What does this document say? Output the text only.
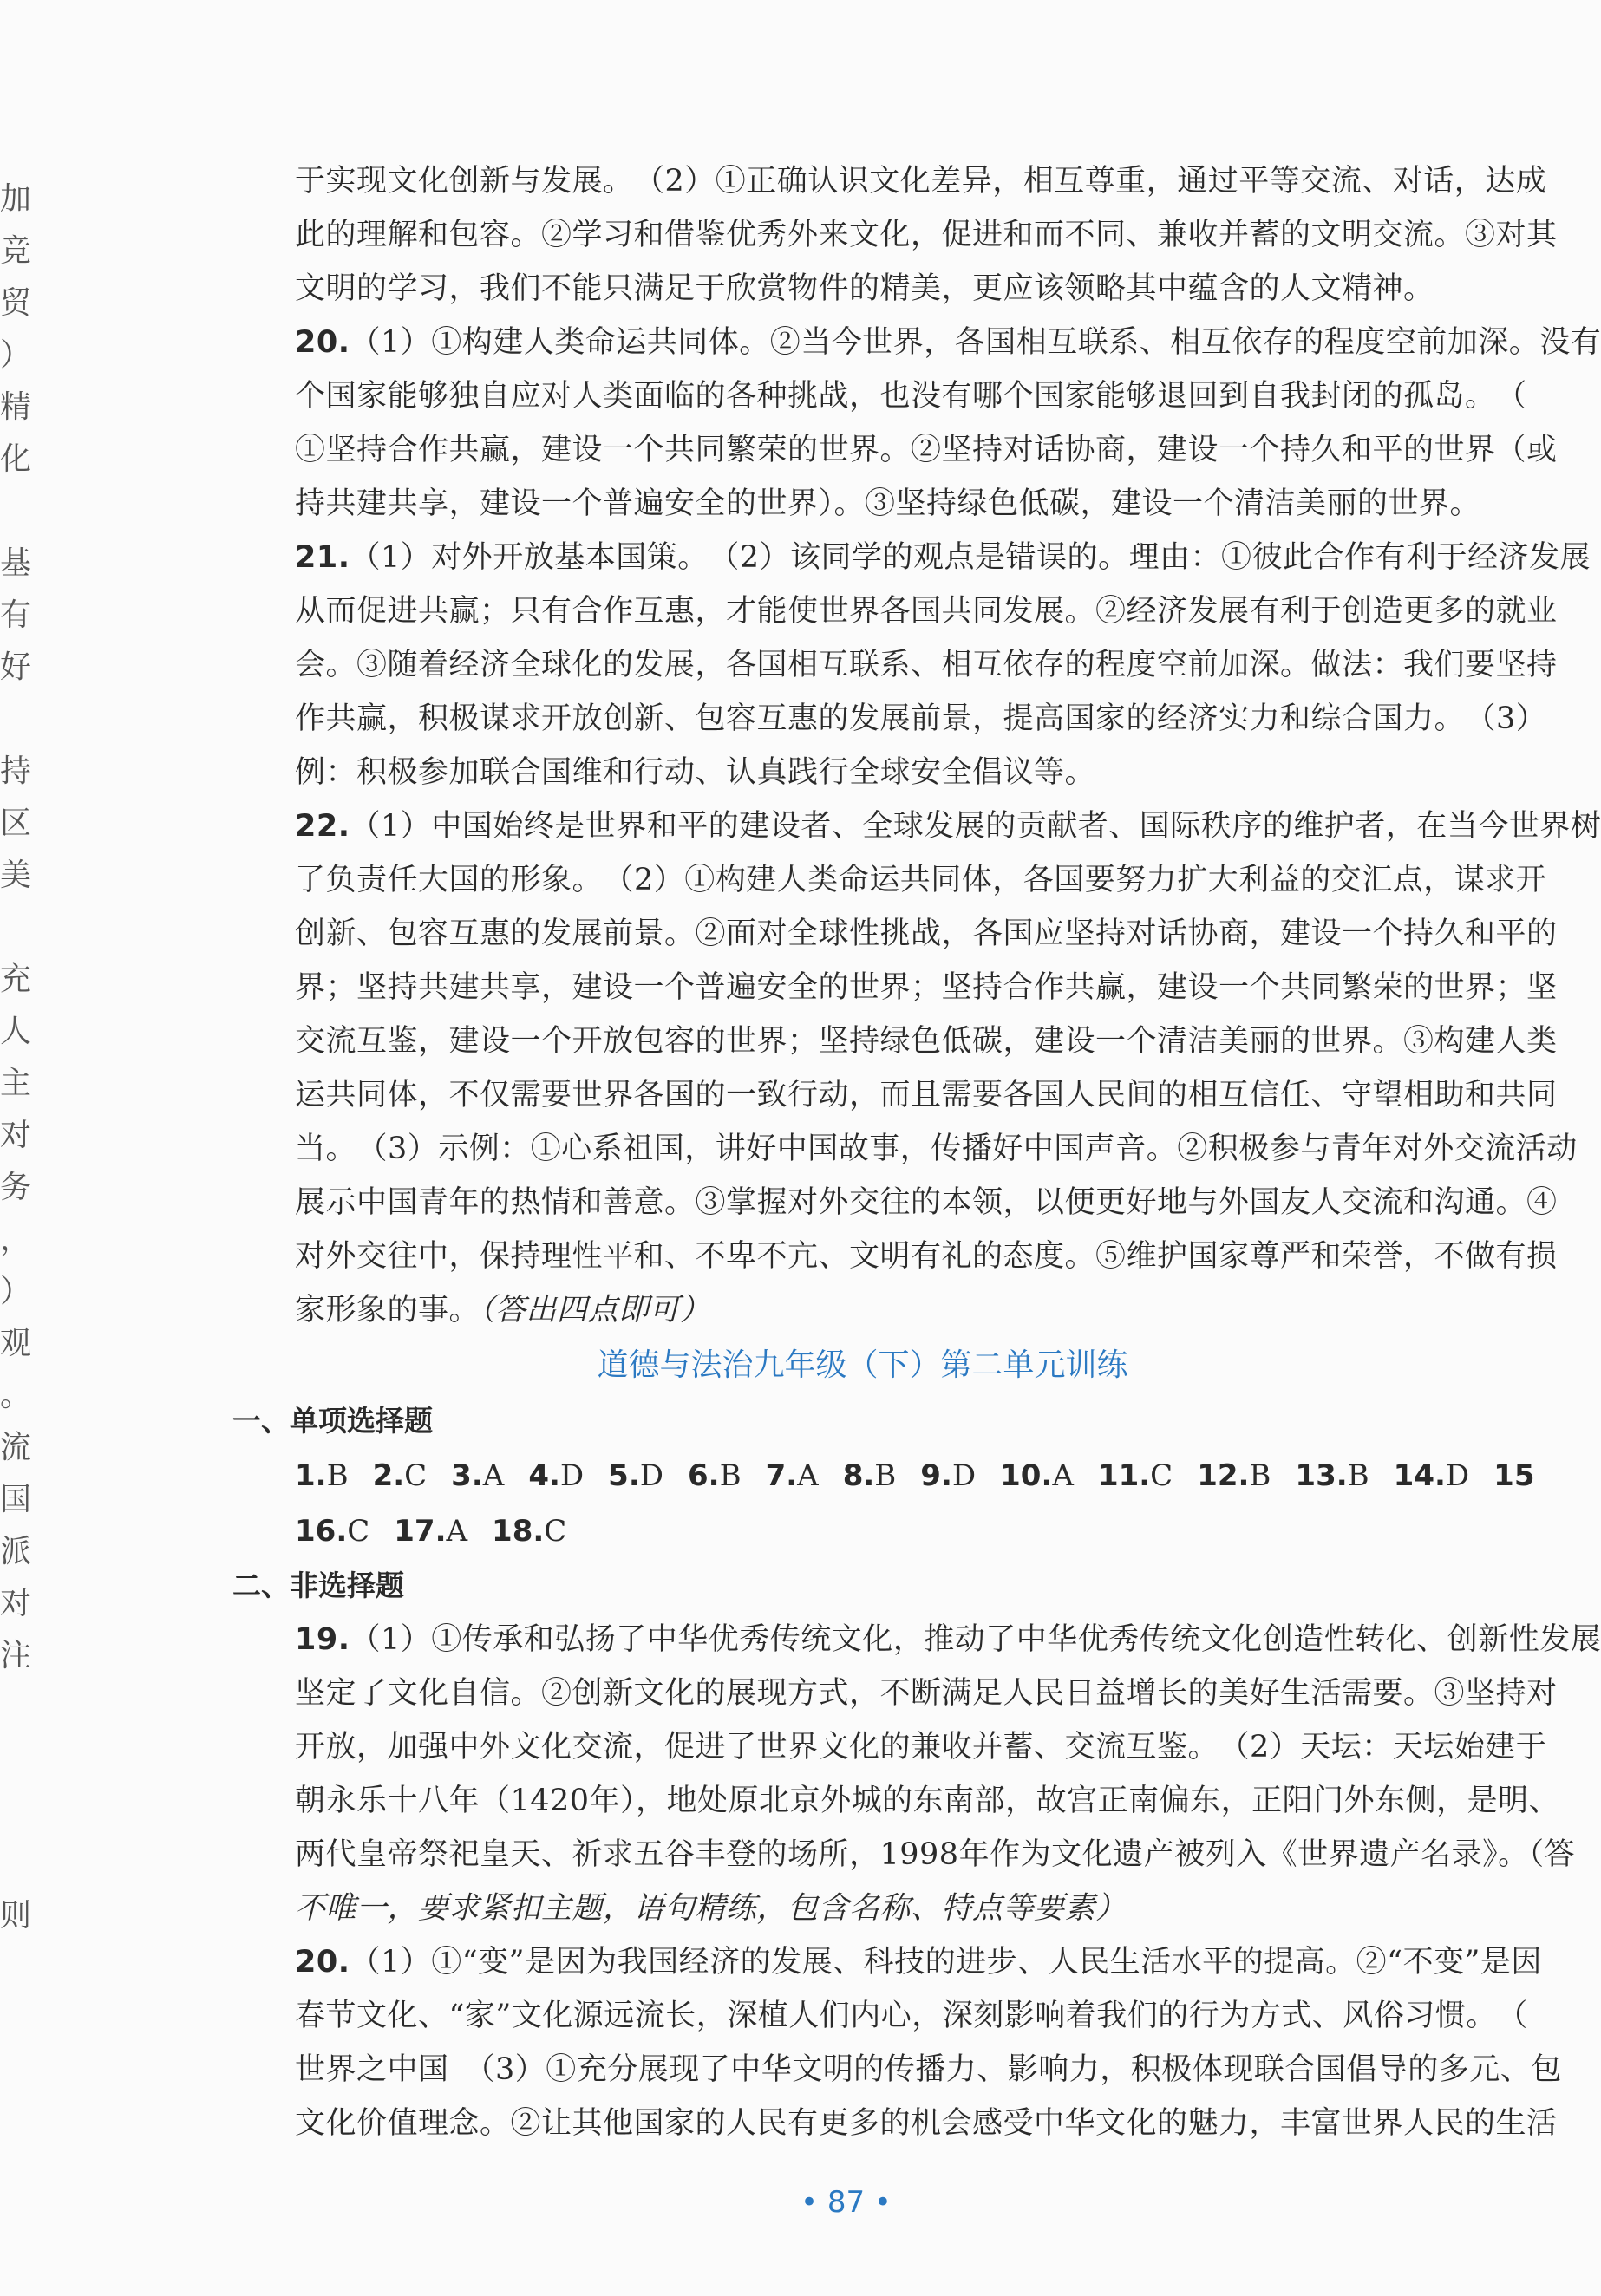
加
竞
贸
）
精
化
基
有
好
持
区
美
充
人
主
对
务
，
）
观
。
流
国
派
对
注
则
于实现文化创新与发展。　（2）①正确认识文化差异，相互尊重，通过平等交流、对话，达成
此的理解和包容。②学习和借鉴优秀外来文化，促进和而不同、兼收并蓄的文明交流。③对其
文明的学习，我们不能只满足于欣赏物件的精美，更应该领略其中蕴含的人文精神。
20.（1）①构建人类命运共同体。②当今世界，各国相互联系、相互依存的程度空前加深。没有
个国家能够独自应对人类面临的各种挑战，也没有哪个国家能够退回到自我封闭的孤岛。　（
①坚持合作共赢，建设一个共同繁荣的世界。②坚持对话协商，建设一个持久和平的世界（或
持共建共享，建设一个普遍安全的世界）。③坚持绿色低碳，建设一个清洁美丽的世界。
21.（1）对外开放基本国策。　（2）该同学的观点是错误的。理由：①彼此合作有利于经济发展
从而促进共赢；只有合作互惠，才能使世界各国共同发展。②经济发展有利于创造更多的就业
会。③随着经济全球化的发展，各国相互联系、相互依存的程度空前加深。做法：我们要坚持
作共赢，积极谋求开放创新、包容互惠的发展前景，提高国家的经济实力和综合国力。　（3）
例：积极参加联合国维和行动、认真践行全球安全倡议等。
22.（1）中国始终是世界和平的建设者、全球发展的贡献者、国际秩序的维护者，在当今世界树
了负责任大国的形象。　（2）①构建人类命运共同体，各国要努力扩大利益的交汇点，谋求开
创新、包容互惠的发展前景。②面对全球性挑战，各国应坚持对话协商，建设一个持久和平的
界；坚持共建共享，建设一个普遍安全的世界；坚持合作共赢，建设一个共同繁荣的世界；坚
交流互鉴，建设一个开放包容的世界；坚持绿色低碳，建设一个清洁美丽的世界。③构建人类
运共同体，不仅需要世界各国的一致行动，而且需要各国人民间的相互信任、守望相助和共同
当。　（3）示例：①心系祖国，讲好中国故事，传播好中国声音。②积极参与青年对外交流活动
展示中国青年的热情和善意。③掌握对外交往的本领，以便更好地与外国友人交流和沟通。④
对外交往中，保持理性平和、不卑不亢、文明有礼的态度。⑤维护国家尊严和荣誉，不做有损
家形象的事。（答出四点即可）
道德与法治九年级（下）第二单元训练
一、单项选择题
1.B 2.C 3.A 4.D 5.D 6.B 7.A 8.B 9.D 10.A 11.C 12.B 13.B 14.D 15
16.C 17.A 18.C
二、非选择题
19.（1）①传承和弘扬了中华优秀传统文化，推动了中华优秀传统文化创造性转化、创新性发展
坚定了文化自信。②创新文化的展现方式，不断满足人民日益增长的美好生活需要。③坚持对
开放，加强中外文化交流，促进了世界文化的兼收并蓄、交流互鉴。　（2）天坛：天坛始建于
朝永乐十八年（1420年），地处原北京外城的东南部，故宫正南偏东，正阳门外东侧，是明、
两代皇帝祭祀皇天、祈求五谷丰登的场所，1998年作为文化遗产被列入《世界遗产名录》。（答
不唯一，要求紧扣主题，语句精练，包含名称、特点等要素）
20.（1）①“变”是因为我国经济的发展、科技的进步、人民生活水平的提高。②“不变”是因
春节文化、“家”文化源远流长，深植人们内心，深刻影响着我们的行为方式、风俗习惯。　（
世界之中国　（3）①充分展现了中华文明的传播力、影响力，积极体现联合国倡导的多元、包
文化价值理念。②让其他国家的人民有更多的机会感受中华文化的魅力，丰富世界人民的生活
• 87 •
